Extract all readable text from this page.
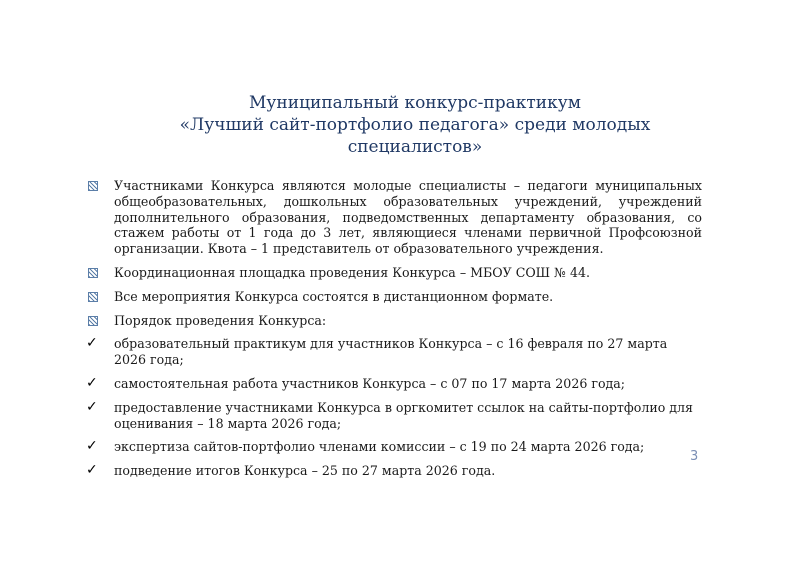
Муниципальный конкурс-практикум
«Лучший сайт-портфолио педагога» среди молодых
специалистов»
Участниками Конкурса являются молодые специалисты – педагоги муниципальных общеобразовательных, дошкольных образовательных учреждений, учреждений дополнительного образования, подведомственных департаменту образования, со стажем работы от 1 года до 3 лет, являющиеся членами первичной Профсоюзной организации. Квота – 1 представитель от образовательного учреждения.
Координационная площадка проведения Конкурса – МБОУ СОШ № 44.
Все мероприятия Конкурса состоятся в дистанционном формате.
Порядок проведения Конкурса:
✓ образовательный практикум для участников Конкурса – с 16 февраля по 27 марта 2026 года;
✓ самостоятельная работа участников Конкурса – с 07 по 17 марта 2026 года;
✓ предоставление участниками Конкурса в оргкомитет ссылок на сайты-портфолио для оценивания – 18 марта 2026 года;
✓ экспертиза сайтов-портфолио членами комиссии – с 19 по 24 марта 2026 года;
✓ подведение итогов Конкурса – 25 по 27 марта 2026 года.
3
